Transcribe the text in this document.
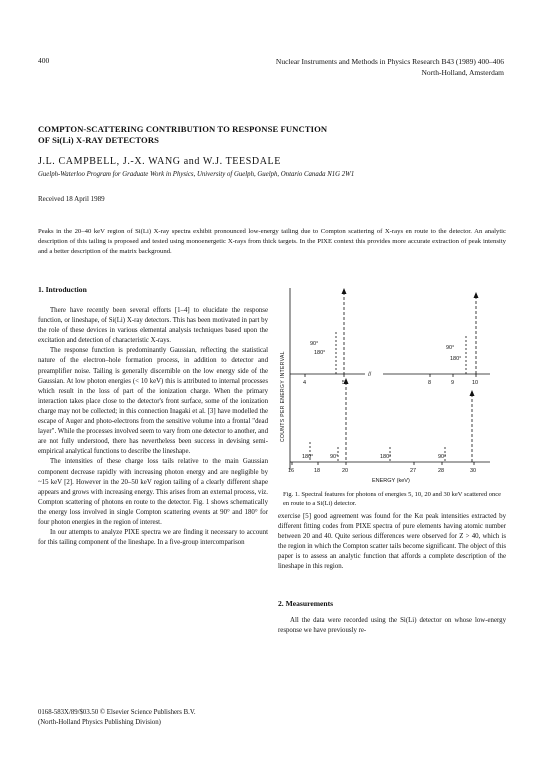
400	Nuclear Instruments and Methods in Physics Research B43 (1989) 400–406
North-Holland, Amsterdam
COMPTON-SCATTERING CONTRIBUTION TO RESPONSE FUNCTION
OF Si(Li) X-RAY DETECTORS
J.L. CAMPBELL, J.-X. WANG and W.J. TEESDALE
Guelph-Waterloo Program for Graduate Work in Physics, University of Guelph, Guelph, Ontario Canada N1G 2W1
Received 18 April 1989
Peaks in the 20–40 keV region of Si(Li) X-ray spectra exhibit pronounced low-energy tailing due to Compton scattering of X-rays en route to the detector. An analytic description of this tailing is proposed and tested using monoenergetic X-rays from thick targets. In the PIXE context this provides more accurate extraction of peak intensity and a better description of the matrix background.
1. Introduction

There have recently been several efforts [1–4] to elucidate the response function, or lineshape, of Si(Li) X-ray detectors. This has been motivated in part by the role of these devices in various elemental analysis techniques based upon the excitation and detection of characteristic X-rays.

The response function is predominantly Gaussian, reflecting the statistical nature of the electron–hole formation process, in addition to detector and preamplifier noise. Tailing is generally discernible on the low energy side of the Gaussian. At low photon energies (< 10 keV) this is attributed to internal processes which result in the loss of part of the ionization charge. When the primary interaction takes place close to the detector's front surface, some of the ionization charge may not be collected; in this connection Inagaki et al. [3] have modelled the escape of Auger and photo-electrons from the sensitive volume into a frontal "dead layer". While the processes involved seem to vary from one detector to another, and are not fully understood, there has nevertheless been success in devising semi-empirical analytical functions to describe the lineshape.

The intensities of these charge loss tails relative to the main Gaussian component decrease rapidly with increasing photon energy and are negligible by ~15 keV [2]. However in the 20–50 keV region tailing of a clearly different shape appears and grows with increasing energy. This arises from an external process, viz. Compton scattering of photons en route to the detector. Fig. 1 shows schematically the energy loss involved in single Compton scattering events at 90° and 180° for four photon energies in the region of interest.

In our attempts to analyze PIXE spectra we are finding it necessary to account for this tailing component of the lineshape. In a five-group intercomparison

COUNTS PER ENERGY INTERVAL
90°
180°
90°
180°
180°	90°	180°	90°
//
4	5	8	9	10
16	18	20	27	28	30
ENERGY (keV)
Fig. 1. Spectral features for photons of energies 5, 10, 20 and 30 keV scattered once en route to a Si(Li) detector.

exercise [5] good agreement was found for the Kα peak intensities extracted by different fitting codes from PIXE spectra of pure elements having atomic number between 20 and 40. Quite serious differences were observed for Z > 40, which is the region in which the Compton scatter tails become significant. The object of this paper is to assess an analytic function that affords a complete description of the lineshape in this region.

2. Measurements
All the data were recorded using the Si(Li) detector on whose low-energy response we have previously re-
0168-583X/89/$03.50 © Elsevier Science Publishers B.V.
(North-Holland Physics Publishing Division)
